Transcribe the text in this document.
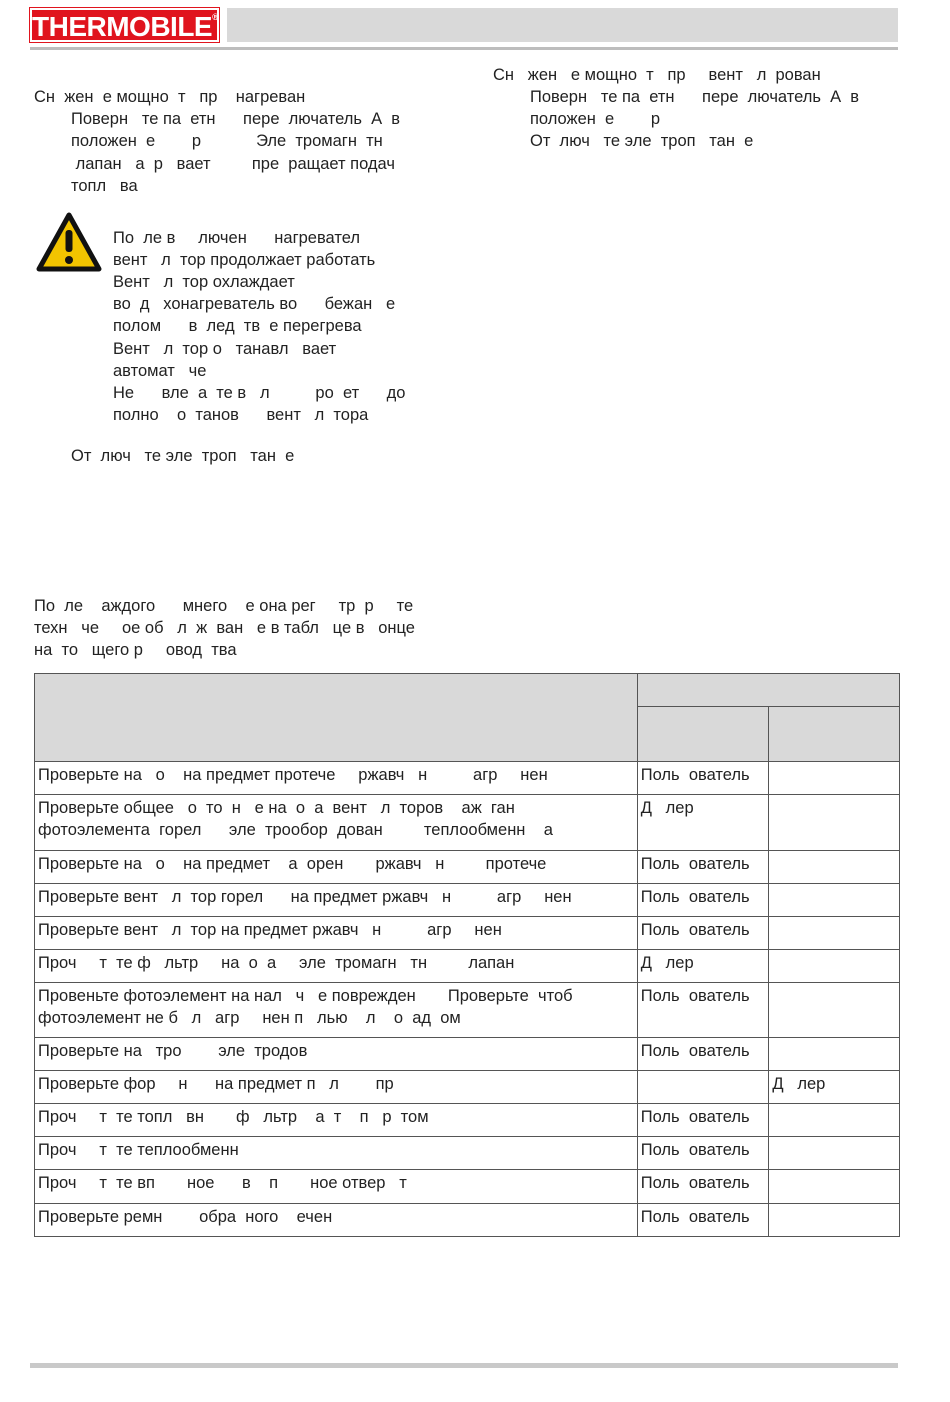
THERMOBILE®
Сн  жен  е мощно  т   пр    нагреван
Поверн   те па  етн      пере  лючатель  А  в
положен  е        р            Эле  тромагн  тн
лапан   а  р   вает         пре  ращает подач
топл   ва
По  ле в     лючен      нагревател
вент   л  тор продолжает работать
Вент   л  тор охлаждает
во  д   хонагреватель во      бежан   е
полом      в  лед  тв  е перегрева
Вент   л  тор о   танавл   вает
автомат   че
Не      вле  а  те в   л          ро  ет      до
полно    о  танов      вент   л  тора
От  люч   те эле  троп   тан  е
По  ле    аждого      мнего    е она рег     тр  р     те
техн   че     ое об   л  ж  ван   е в табл   це в   онце
на  то   щего р     овод  тва
Сн   жен   е мощно  т   пр     вент   л  рован
Поверн   те па  етн      пере  лючатель  А  в
положен  е        р
От  люч   те эле  троп   тан  е

Проверьте на   о    на предмет протече     ржавч   н          агр     нен	Поль  ователь	
Проверьте общее   о  то  н   е на  о  а  вент   л  торов    аж  ган
фотоэлемента  горел      эле  трообор  дован         теплообменн    а	Д   лер	
Проверьте на   о    на предмет    а  орен       ржавч   н         протече	Поль  ователь	
Проверьте вент   л  тор горел      на предмет ржавч   н          агр     нен	Поль  ователь	
Проверьте вент   л  тор на предмет ржавч   н          агр     нен	Поль  ователь	
Проч     т  те ф   льтр     на  о  а     эле  тромагн   тн         лапан	Д   лер	
Провеньте фотоэлемент на нал   ч   е поврежден       Проверьте  чтоб
фотоэлемент не б   л   агр     нен п   лью    л    о  ад  ом	Поль  ователь	
Проверьте на   тро        эле  тродов	Поль  ователь	
Проверьте фор     н      на предмет п   л        пр		Д   лер
Проч     т  те топл   вн       ф   льтр    а  т    п   р  том	Поль  ователь	
Проч     т  те теплообменн	Поль  ователь	
Проч     т  те вп       ное      в    п       ное отвер   т	Поль  ователь	
Проверьте ремн        обра  ного    ечен	Поль  ователь	
